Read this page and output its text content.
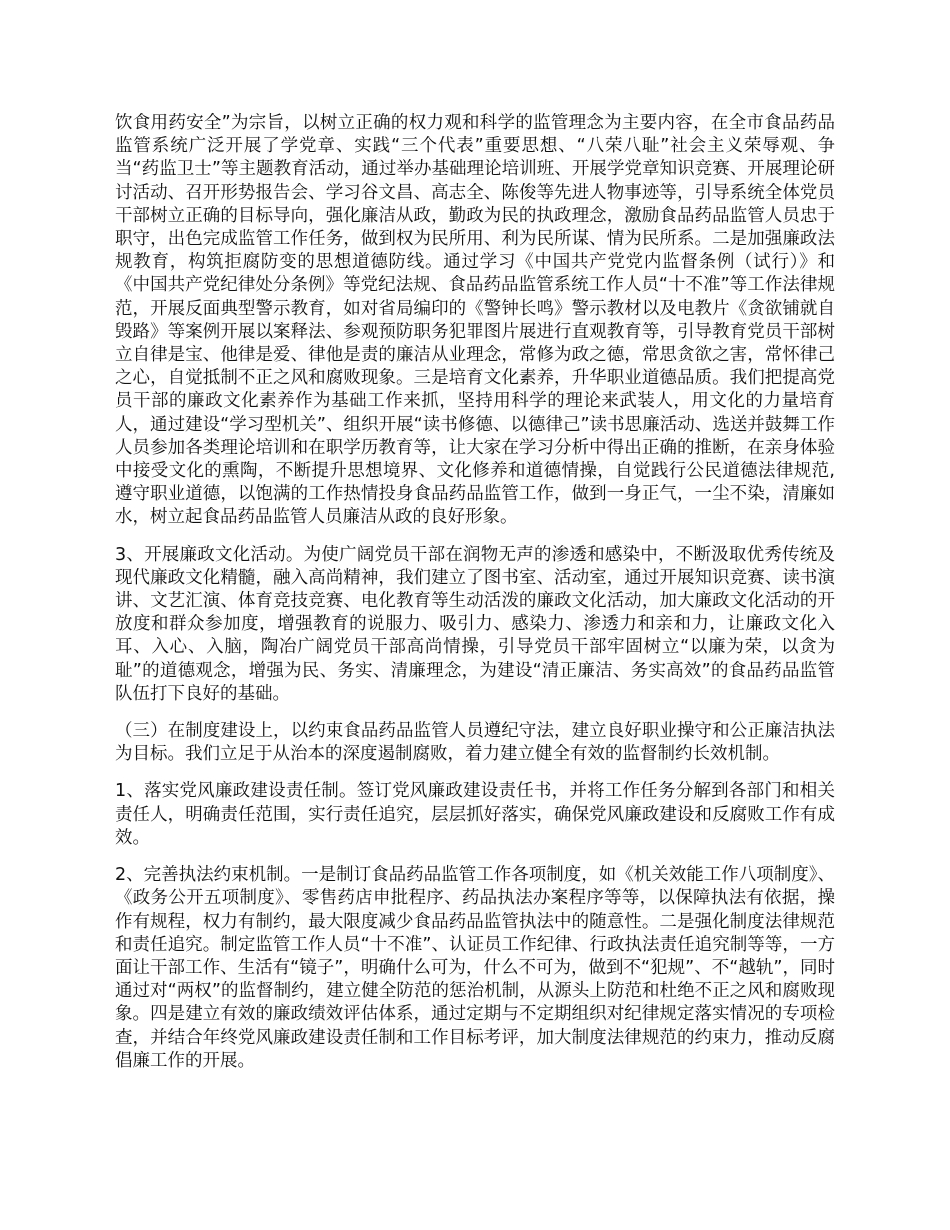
饮食用药安全”为宗旨，以树立正确的权力观和科学的监管理念为主要内容，在全市食品药品监管系统广泛开展了学党章、实践“三个代表”重要思想、“八荣八耻”社会主义荣辱观、争当“药监卫士”等主题教育活动，通过举办基础理论培训班、开展学党章知识竞赛、开展理论研讨活动、召开形势报告会、学习谷文昌、高志全、陈俊等先进人物事迹等，引导系统全体党员干部树立正确的目标导向，强化廉洁从政，勤政为民的执政理念，激励食品药品监管人员忠于职守，出色完成监管工作任务，做到权为民所用、利为民所谋、情为民所系。二是加强廉政法规教育，构筑拒腐防变的思想道德防线。通过学习《中国共产党党内监督条例（试行）》和《中国共产党纪律处分条例》等党纪法规、食品药品监管系统工作人员“十不准”等工作法律规范，开展反面典型警示教育，如对省局编印的《警钟长鸣》警示教材以及电教片《贪欲铺就自毁路》等案例开展以案释法、参观预防职务犯罪图片展进行直观教育等，引导教育党员干部树立自律是宝、他律是爱、律他是责的廉洁从业理念，常修为政之德，常思贪欲之害，常怀律己之心，自觉抵制不正之风和腐败现象。三是培育文化素养，升华职业道德品质。我们把提高党员干部的廉政文化素养作为基础工作来抓，坚持用科学的理论来武装人，用文化的力量培育人，通过建设“学习型机关”、组织开展“读书修德、以德律己”读书思廉活动、选送并鼓舞工作人员参加各类理论培训和在职学历教育等，让大家在学习分析中得出正确的推断，在亲身体验中接受文化的熏陶，不断提升思想境界、文化修养和道德情操，自觉践行公民道德法律规范,遵守职业道德，以饱满的工作热情投身食品药品监管工作，做到一身正气，一尘不染，清廉如水，树立起食品药品监管人员廉洁从政的良好形象。

3、开展廉政文化活动。为使广阔党员干部在润物无声的渗透和感染中，不断汲取优秀传统及现代廉政文化精髓，融入高尚精神，我们建立了图书室、活动室，通过开展知识竞赛、读书演讲、文艺汇演、体育竞技竞赛、电化教育等生动活泼的廉政文化活动，加大廉政文化活动的开放度和群众参加度，增强教育的说服力、吸引力、感染力、渗透力和亲和力，让廉政文化入耳、入心、入脑，陶冶广阔党员干部高尚情操，引导党员干部牢固树立“以廉为荣，以贪为耻”的道德观念，增强为民、务实、清廉理念，为建设“清正廉洁、务实高效”的食品药品监管队伍打下良好的基础。

（三）在制度建设上，以约束食品药品监管人员遵纪守法，建立良好职业操守和公正廉洁执法为目标。我们立足于从治本的深度遏制腐败，着力建立健全有效的监督制约长效机制。

1、落实党风廉政建设责任制。签订党风廉政建设责任书，并将工作任务分解到各部门和相关责任人，明确责任范围，实行责任追究，层层抓好落实，确保党风廉政建设和反腐败工作有成效。

2、完善执法约束机制。一是制订食品药品监管工作各项制度，如《机关效能工作八项制度》、《政务公开五项制度》、零售药店申批程序、药品执法办案程序等等，以保障执法有依据，操作有规程，权力有制约，最大限度减少食品药品监管执法中的随意性。二是强化制度法律规范和责任追究。制定监管工作人员“十不准”、认证员工作纪律、行政执法责任追究制等等，一方面让干部工作、生活有“镜子”，明确什么可为，什么不可为，做到不“犯规”、不“越轨”，同时通过对“两权”的监督制约，建立健全防范的惩治机制，从源头上防范和杜绝不正之风和腐败现象。四是建立有效的廉政绩效评估体系，通过定期与不定期组织对纪律规定落实情况的专项检查，并结合年终党风廉政建设责任制和工作目标考评，加大制度法律规范的约束力，推动反腐倡廉工作的开展。
